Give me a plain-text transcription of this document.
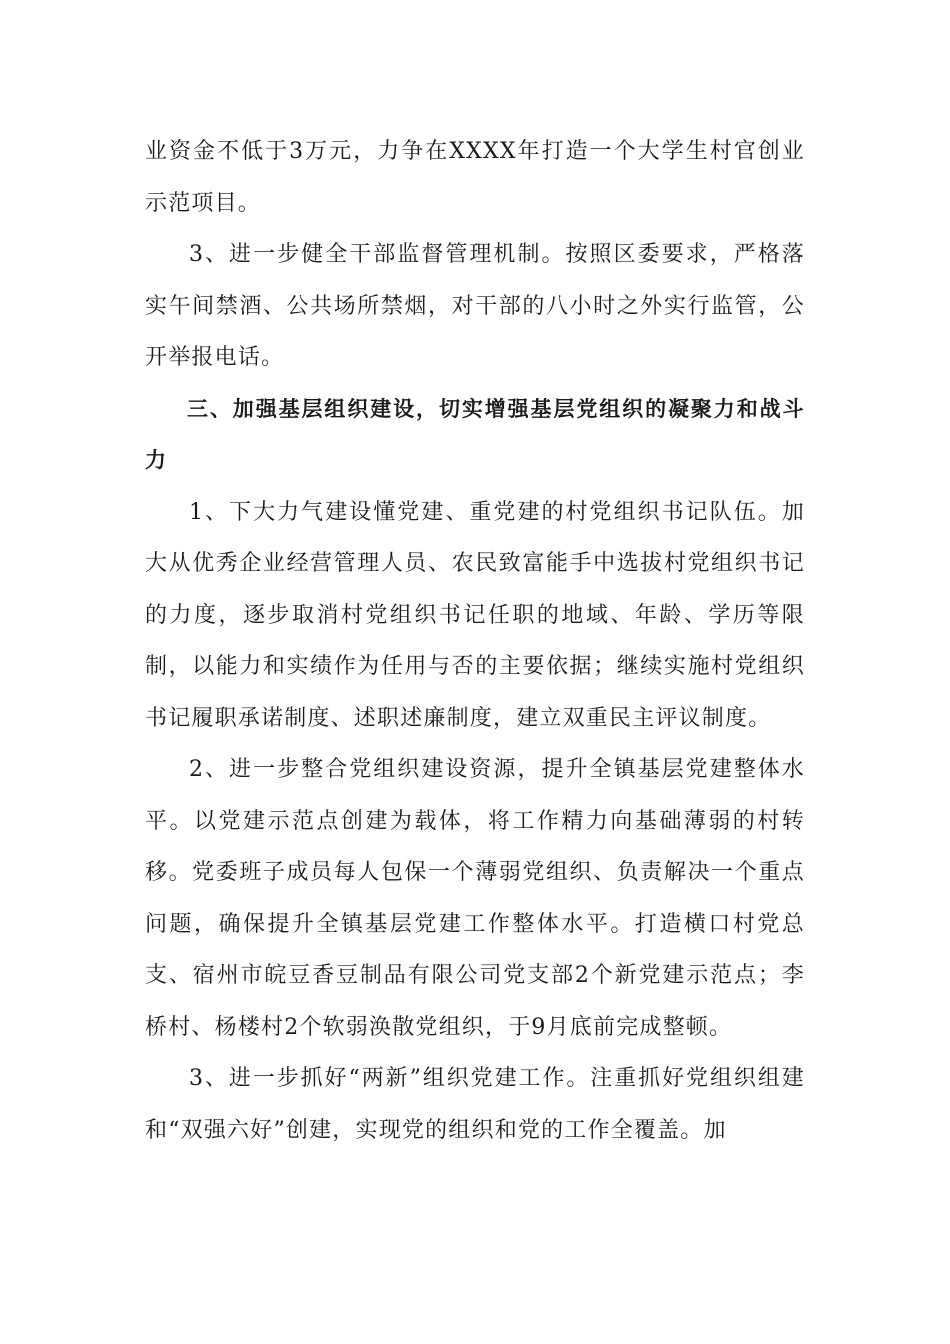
业资金不低于3万元，力争在XXXX年打造一个大学生村官创业示范项目。

3、进一步健全干部监督管理机制。按照区委要求，严格落实午间禁酒、公共场所禁烟，对干部的八小时之外实行监管，公开举报电话。

三、加强基层组织建设，切实增强基层党组织的凝聚力和战斗力

1、下大力气建设懂党建、重党建的村党组织书记队伍。加大从优秀企业经营管理人员、农民致富能手中选拔村党组织书记的力度，逐步取消村党组织书记任职的地域、年龄、学历等限制，以能力和实绩作为任用与否的主要依据；继续实施村党组织书记履职承诺制度、述职述廉制度，建立双重民主评议制度。

2、进一步整合党组织建设资源，提升全镇基层党建整体水平。以党建示范点创建为载体，将工作精力向基础薄弱的村转移。党委班子成员每人包保一个薄弱党组织、负责解决一个重点问题，确保提升全镇基层党建工作整体水平。打造横口村党总支、宿州市皖豆香豆制品有限公司党支部2个新党建示范点；李桥村、杨楼村2个软弱涣散党组织，于9月底前完成整顿。

3、进一步抓好“两新”组织党建工作。注重抓好党组织组建和“双强六好”创建，实现党的组织和党的工作全覆盖。加
